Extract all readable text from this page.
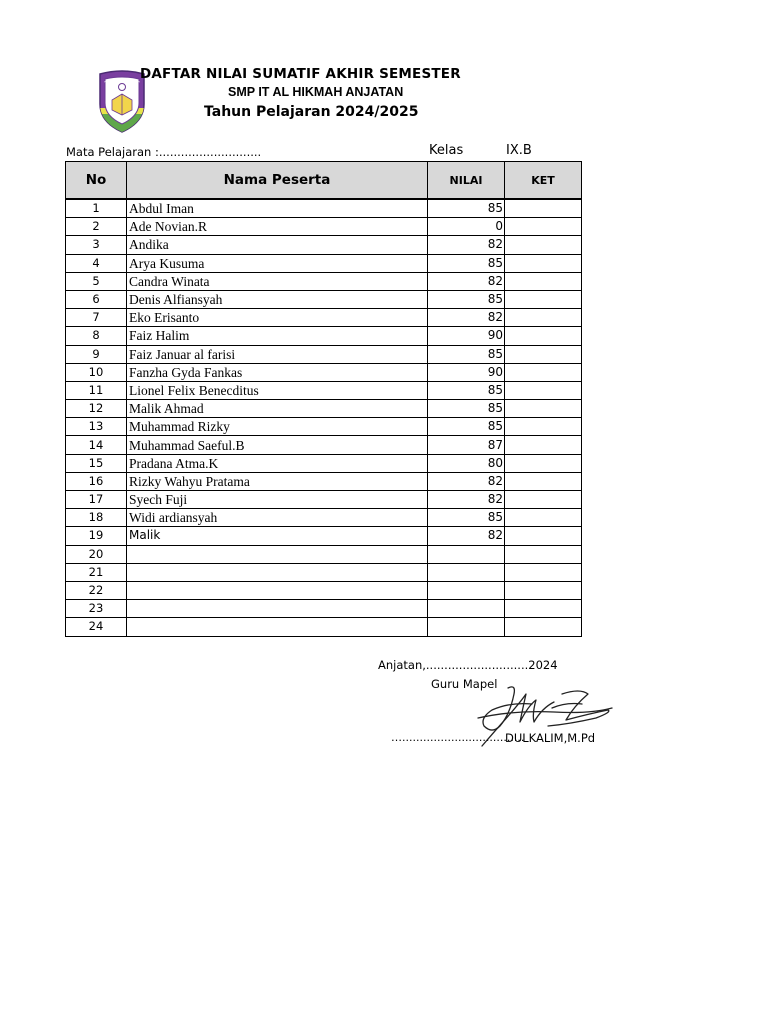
DAFTAR NILAI SUMATIF AKHIR SEMESTER
SMP IT AL HIKMAH ANJATAN
Tahun Pelajaran 2024/2025
Mata Pelajaran :............................	Kelas	IX.B
No	Nama Peserta	NILAI	KET
1	Abdul Iman	85	
2	Ade Novian.R	0	
3	Andika	82	
4	Arya Kusuma	85	
5	Candra Winata	82	
6	Denis Alfiansyah	85	
7	Eko Erisanto	82	
8	Faiz Halim	90	
9	Faiz Januar al farisi	85	
10	Fanzha Gyda Fankas	90	
11	Lionel Felix Benecditus	85	
12	Malik Ahmad	85	
13	Muhammad Rizky	85	
14	Muhammad Saeful.B	87	
15	Pradana Atma.K	80	
16	Rizky Wahyu Pratama	82	
17	Syech Fuji	82	
18	Widi ardiansyah	85	
19	Malik	82	
20			
21			
22			
23			
24			
Anjatan,............................2024
Guru Mapel
…...................................
DULKALIM,M.Pd
